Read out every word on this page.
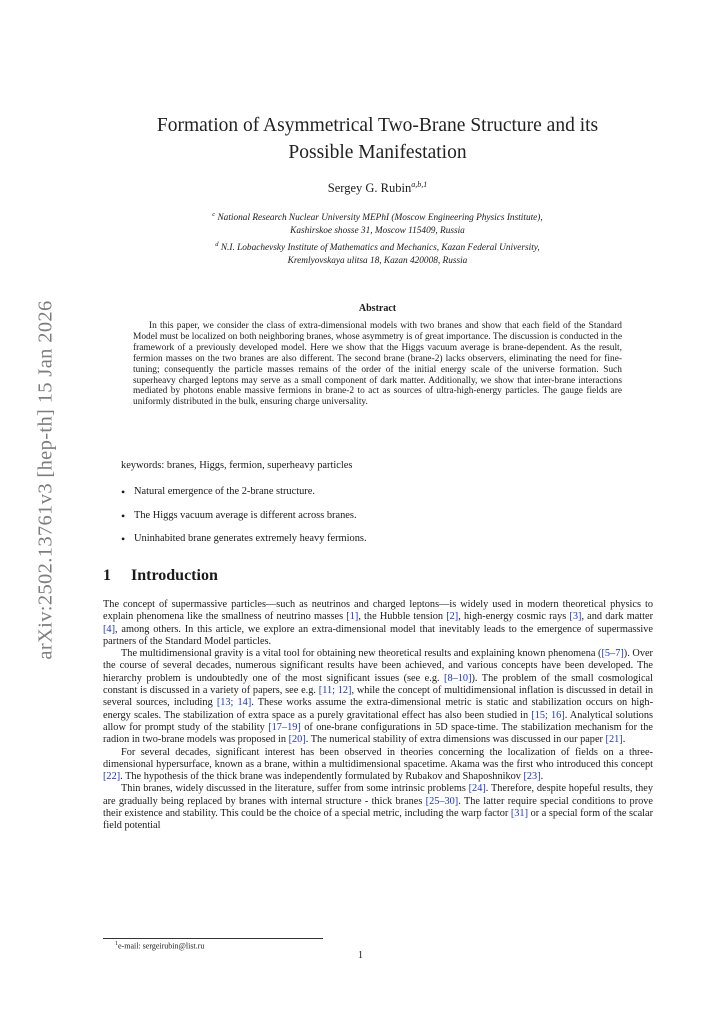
arXiv:2502.13761v3 [hep-th] 15 Jan 2026
Formation of Asymmetrical Two-Brane Structure and its
Possible Manifestation
Sergey G. Rubin$^{a,b,1}$
$^c$ National Research Nuclear University MEPhI (Moscow Engineering Physics Institute),
Kashirskoe shosse 31, Moscow 115409, Russia
$^d$ N.I. Lobachevsky Institute of Mathematics and Mechanics, Kazan Federal University,
Kremlyovskaya ulitsa 18, Kazan 420008, Russia
Abstract
In this paper, we consider the class of extra-dimensional models with two branes and show that each field of the Standard Model must be localized on both neighboring branes, whose asymmetry is of great importance. The discussion is conducted in the framework of a previously developed model. Here we show that the Higgs vacuum average is brane-dependent. As the result, fermion masses on the two branes are also different. The second brane (brane-2) lacks observers, eliminating the need for fine-tuning; consequently the particle masses remains of the order of the initial energy scale of the universe formation. Such superheavy charged leptons may serve as a small component of dark matter. Additionally, we show that inter-brane interactions mediated by photons enable massive fermions in brane-2 to act as sources of ultra-high-energy particles. The gauge fields are uniformly distributed in the bulk, ensuring charge universality.
keywords: branes, Higgs, fermion, superheavy particles
• Natural emergence of the 2-brane structure.
• The Higgs vacuum average is different across branes.
• Uninhabited brane generates extremely heavy fermions.
1 Introduction

The concept of supermassive particles—such as neutrinos and charged leptons—is widely used in modern theoretical physics to explain phenomena like the smallness of neutrino masses [1], the Hubble tension [2], high-energy cosmic rays [3], and dark matter [4], among others. In this article, we explore an extra-dimensional model that inevitably leads to the emergence of supermassive partners of the Standard Model particles.

The multidimensional gravity is a vital tool for obtaining new theoretical results and explaining known phenomena ([5–7]). Over the course of several decades, numerous significant results have been achieved, and various concepts have been developed. The hierarchy problem is undoubtedly one of the most significant issues (see e.g. [8–10]). The problem of the small cosmological constant is discussed in a variety of papers, see e.g. [11; 12], while the concept of multidimensional inflation is discussed in detail in several sources, including [13; 14]. These works assume the extra-dimensional metric is static and stabilization occurs on high-energy scales. The stabilization of extra space as a purely gravitational effect has also been studied in [15; 16]. Analytical solutions allow for prompt study of the stability [17–19] of one-brane configurations in 5D space-time. The stabilization mechanism for the radion in two-brane models was proposed in [20]. The numerical stability of extra dimensions was discussed in our paper [21].

For several decades, significant interest has been observed in theories concerning the localization of fields on a three-dimensional hypersurface, known as a brane, within a multidimensional spacetime. Akama was the first who introduced this concept [22]. The hypothesis of the thick brane was independently formulated by Rubakov and Shaposhnikov [23].

Thin branes, widely discussed in the literature, suffer from some intrinsic problems [24]. Therefore, despite hopeful results, they are gradually being replaced by branes with internal structure - thick branes [25–30]. The latter require special conditions to prove their existence and stability. This could be the choice of a special metric, including the warp factor [31] or a special form of the scalar field potential

$^1$e-mail: sergeirubin@list.ru
1
